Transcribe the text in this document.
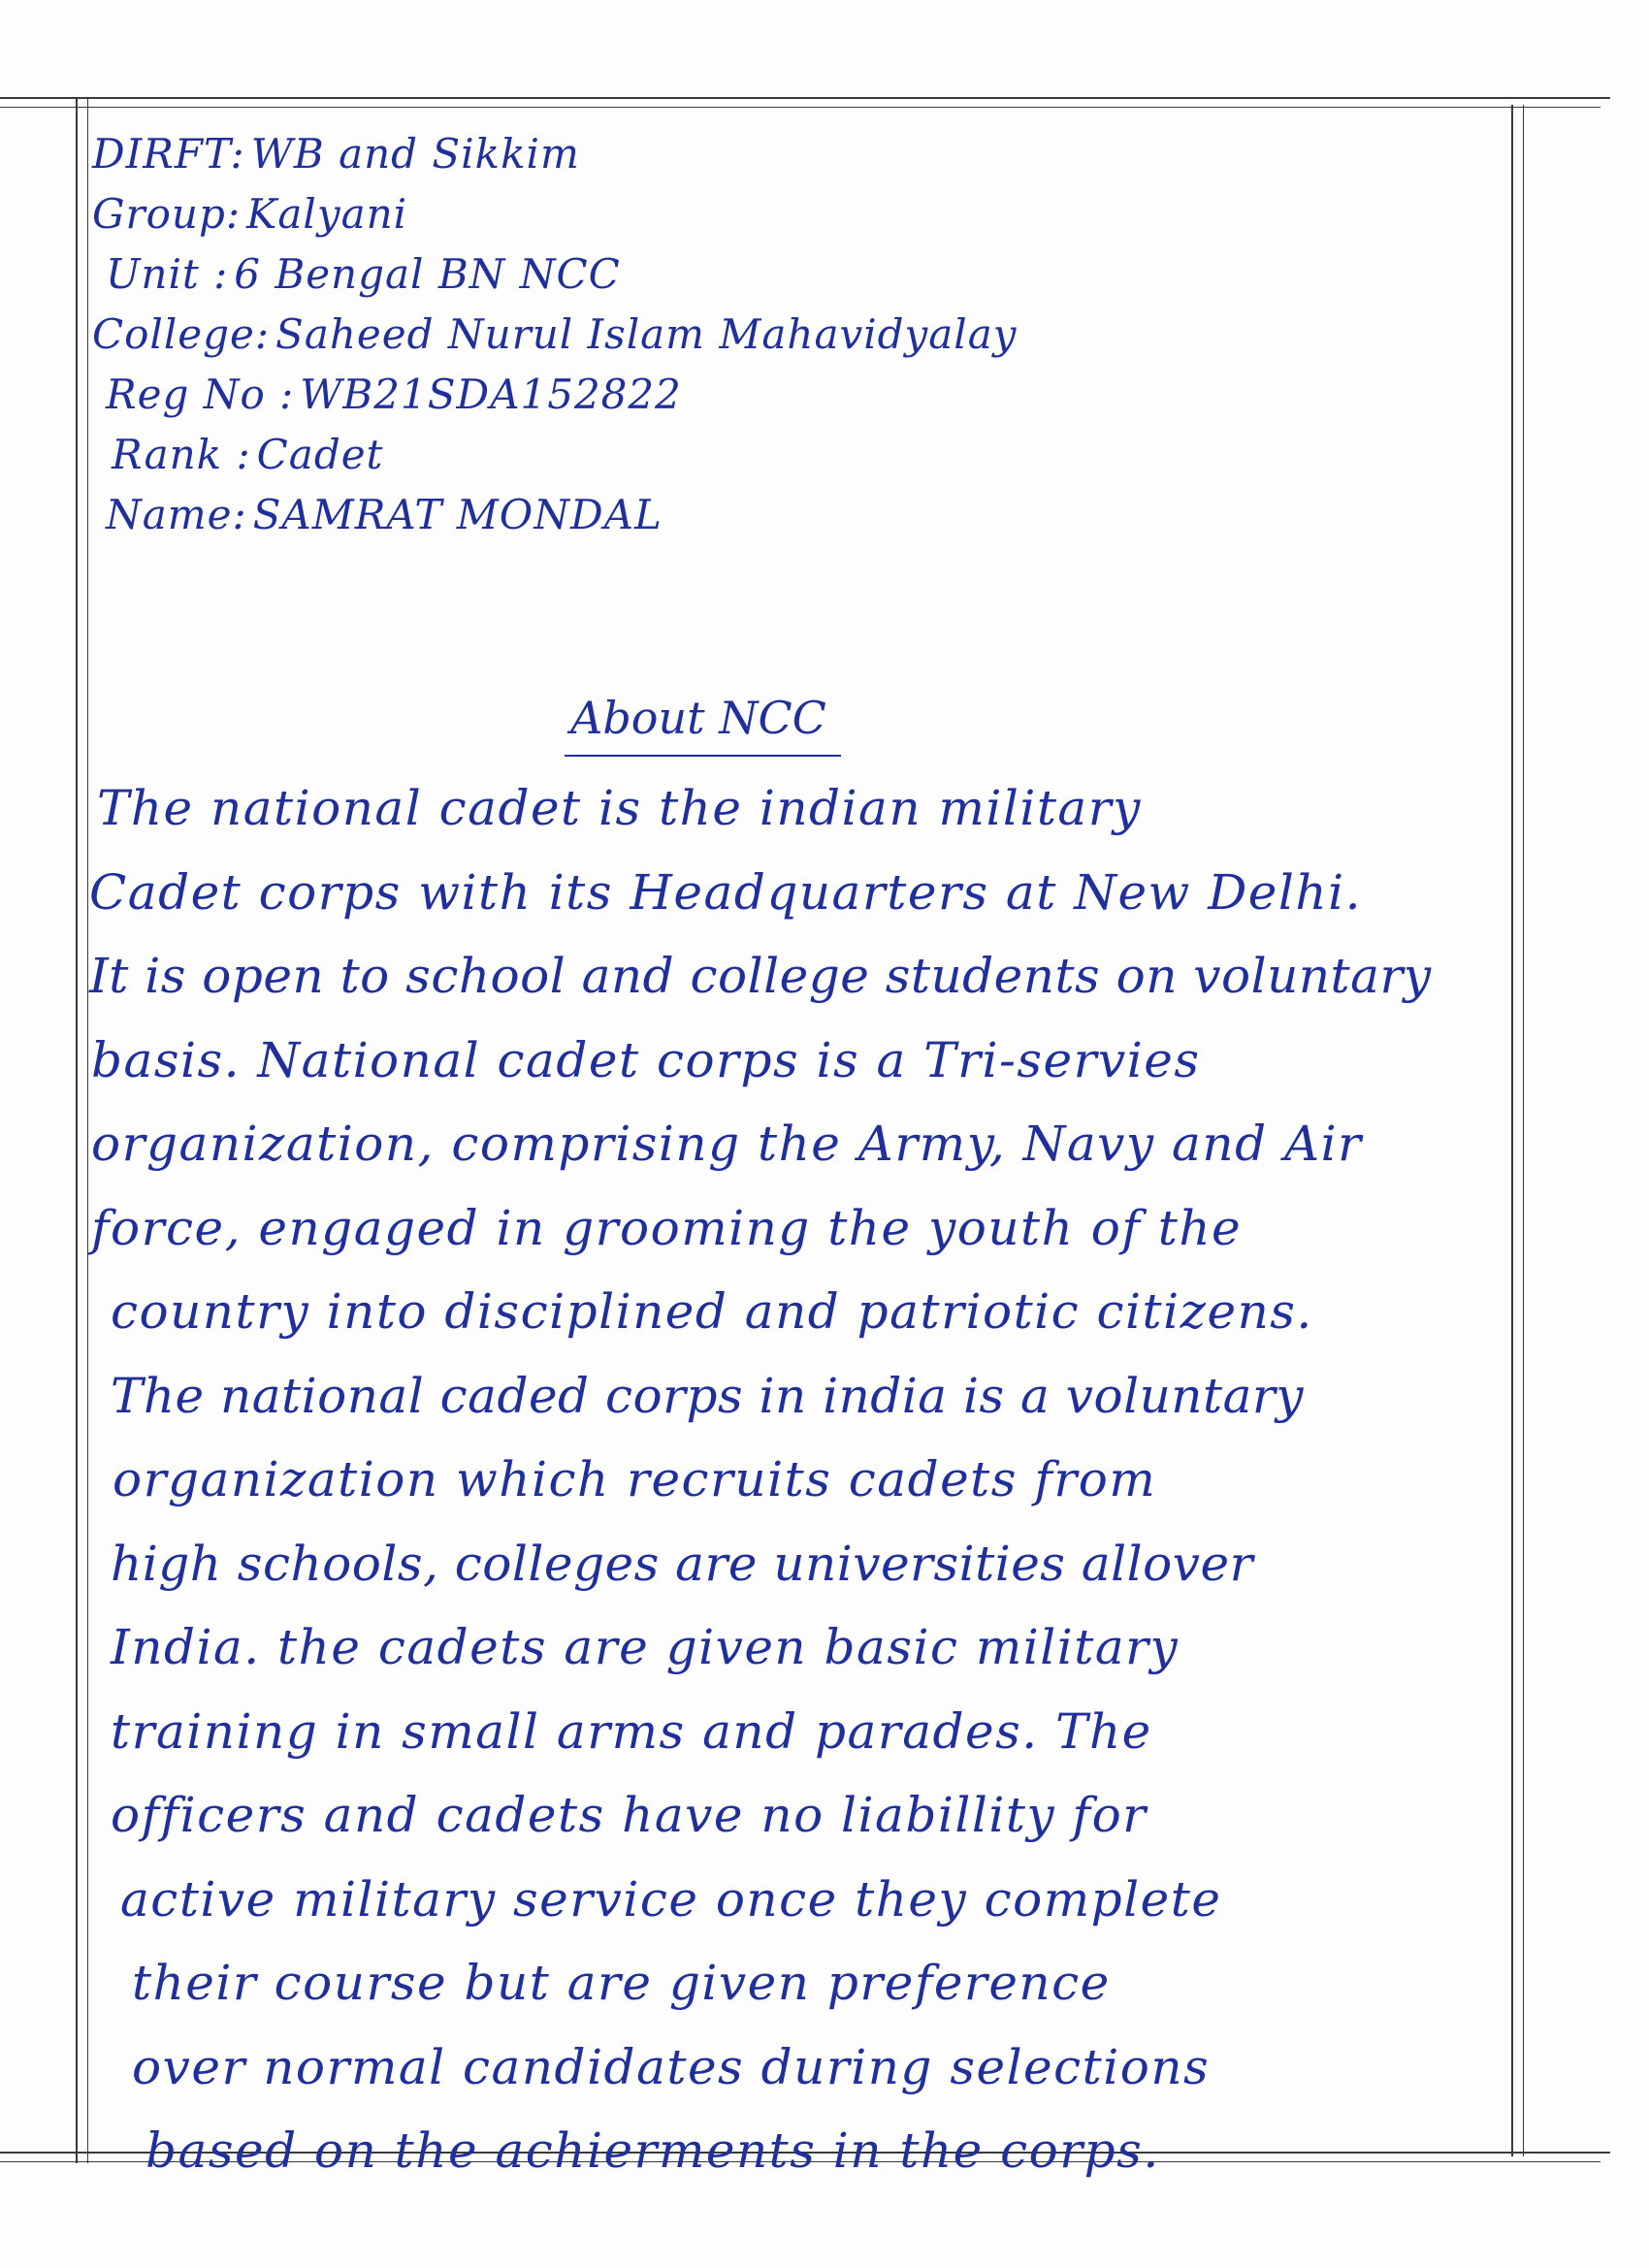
DIRFT: WB and Sikkim
Group: Kalyani
Unit : 6 Bengal BN NCC
College: Saheed Nurul Islam Mahavidyalay
Reg No : WB21SDA152822
Rank : Cadet
Name: SAMRAT MONDAL
About NCC
The national cadet is the indian military
Cadet corps with its Headquarters at New Delhi.
It is open to school and college students on voluntary
basis. National cadet corps is a Tri-servies
organization, comprising the Army, Navy and Air
force, engaged in grooming the youth of the
country into disciplined and patriotic citizens.
The national caded corps in india is a voluntary
organization which recruits cadets from
high schools, colleges are universities allover
India. the cadets are given basic military
training in small arms and parades. The
officers and cadets have no liabillity for
active military service once they complete
their course but are given preference
over normal candidates during selections
based on the achierments in the corps.
